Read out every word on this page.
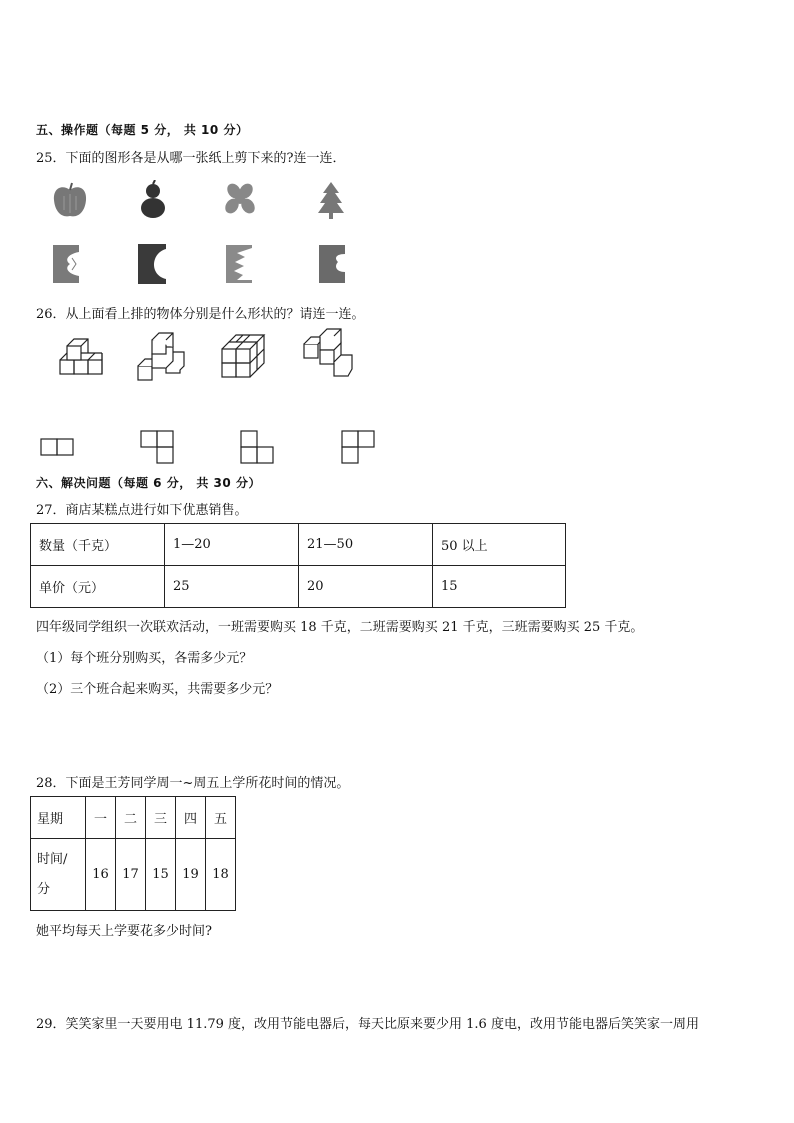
五、操作题（每题 5 分， 共 10 分）
25．下面的图形各是从哪一张纸上剪下来的?连一连．
26．从上面看上排的物体分别是什么形状的？请连一连。
六、解决问题（每题 6 分， 共 30 分）
27．商店某糕点进行如下优惠销售。
数量（千克）	1—20	21—50	50 以上
单价（元）	25	20	15
四年级同学组织一次联欢活动，一班需要购买 18 千克，二班需要购买 21 千克，三班需要购买 25 千克。
（1）每个班分别购买，各需多少元？
（2）三个班合起来购买，共需要多少元？
28．下面是王芳同学周一~周五上学所花时间的情况。
星期	一	二	三	四	五

时间/
分	16	17	15	19	18
她平均每天上学要花多少时间?
29．笑笑家里一天要用电 11.79 度，改用节能电器后，每天比原来要少用 1.6 度电，改用节能电器后笑笑家一周用
